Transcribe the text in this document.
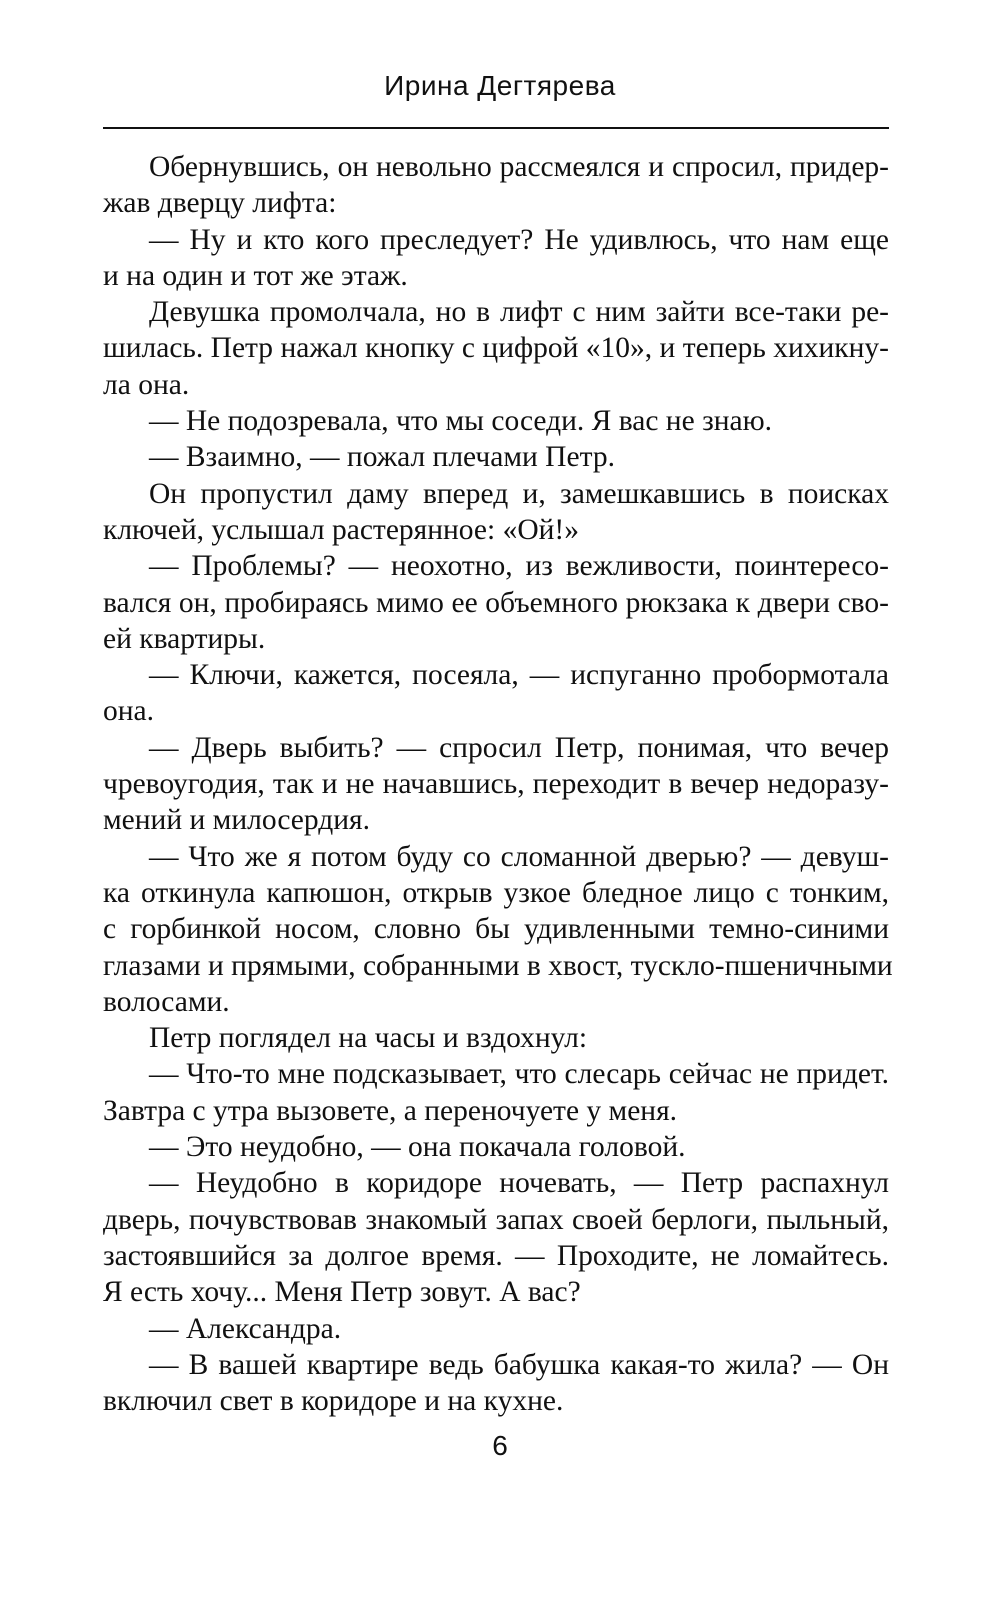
Ирина Дегтярева
Обернувшись, он невольно рассмеялся и спросил, придер-
жав дверцу лифта:
— Ну и кто кого преследует? Не удивлюсь, что нам еще
и на один и тот же этаж.
Девушка промолчала, но в лифт с ним зайти все-таки ре-
шилась. Петр нажал кнопку с цифрой «10», и теперь хихикну-
ла она.
— Не подозревала, что мы соседи. Я вас не знаю.
— Взаимно, — пожал плечами Петр.
Он пропустил даму вперед и, замешкавшись в поисках
ключей, услышал растерянное: «Ой!»
— Проблемы? — неохотно, из вежливости, поинтересо-
вался он, пробираясь мимо ее объемного рюкзака к двери сво-
ей квартиры.
— Ключи, кажется, посеяла, — испуганно пробормотала
она.
— Дверь выбить? — спросил Петр, понимая, что вечер
чревоугодия, так и не начавшись, переходит в вечер недоразу-
мений и милосердия.
— Что же я потом буду со сломанной дверью? — девуш-
ка откинула капюшон, открыв узкое бледное лицо с тонким,
с горбинкой носом, словно бы удивленными темно-синими
глазами и прямыми, собранными в хвост, тускло-пшеничными
волосами.
Петр поглядел на часы и вздохнул:
— Что-то мне подсказывает, что слесарь сейчас не придет.
Завтра с утра вызовете, а переночуете у меня.
— Это неудобно, — она покачала головой.
— Неудобно в коридоре ночевать, — Петр распахнул
дверь, почувствовав знакомый запах своей берлоги, пыльный,
застоявшийся за долгое время. — Проходите, не ломайтесь.
Я есть хочу... Меня Петр зовут. А вас?
— Александра.
— В вашей квартире ведь бабушка какая-то жила? — Он
включил свет в коридоре и на кухне.
6
